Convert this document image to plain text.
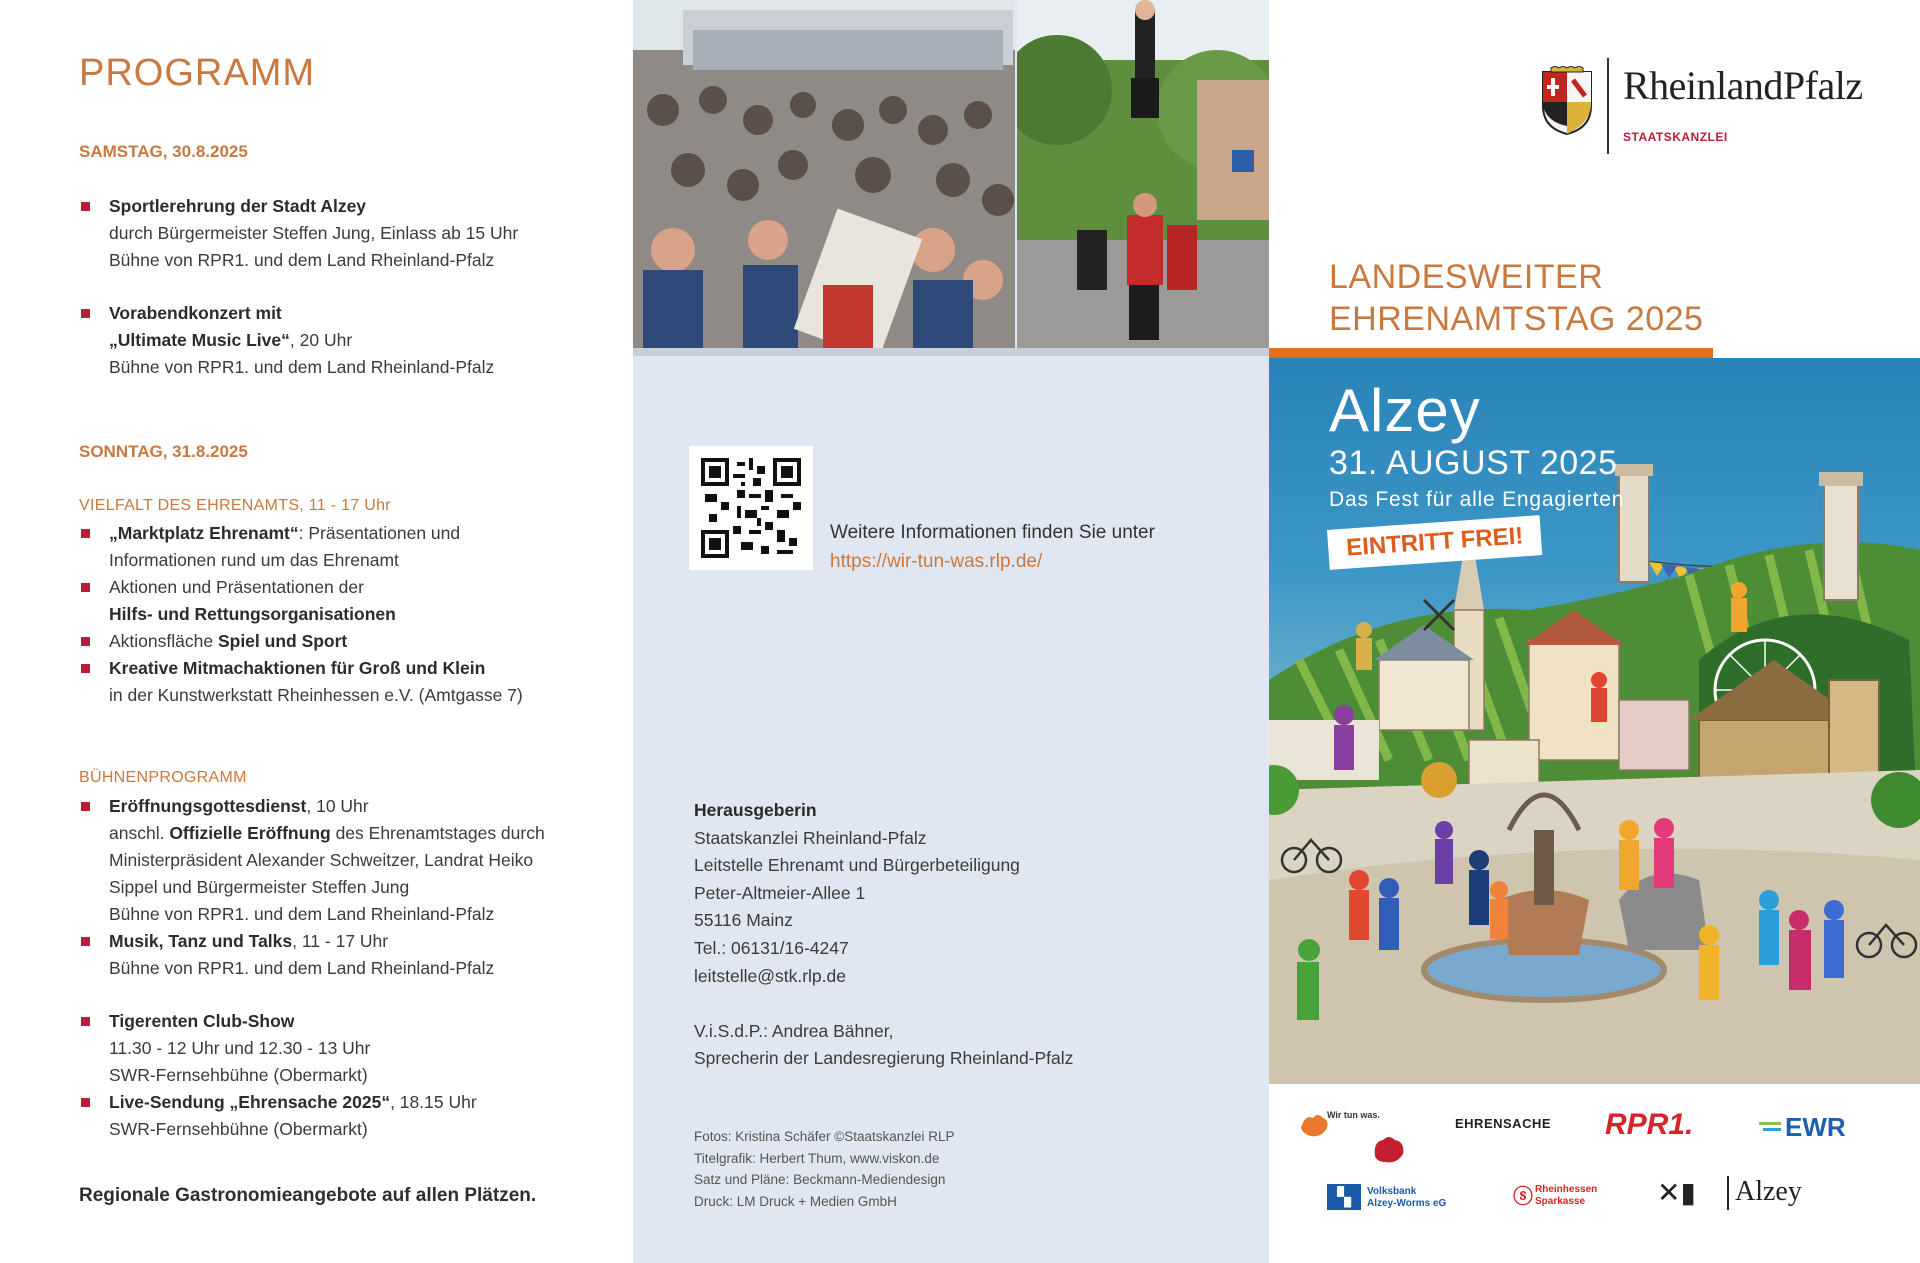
PROGRAMM
SAMSTAG, 30.8.2025
Sportlerehrung der Stadt Alzey
durch Bürgermeister Steffen Jung, Einlass ab 15 Uhr
Bühne von RPR1. und dem Land Rheinland-Pfalz
Vorabendkonzert mit
„Ultimate Music Live“, 20 Uhr
Bühne von RPR1. und dem Land Rheinland-Pfalz
SONNTAG, 31.8.2025
VIELFALT DES EHRENAMTS, 11 - 17 Uhr
„Marktplatz Ehrenamt“: Präsentationen und
Informationen rund um das Ehrenamt
Aktionen und Präsentationen der
Hilfs- und Rettungsorganisationen
Aktionsfläche Spiel und Sport
Kreative Mitmachaktionen für Groß und Klein
in der Kunstwerkstatt Rheinhessen e.V. (Amtgasse 7)
BÜHNENPROGRAMM
Eröffnungsgottesdienst, 10 Uhr
anschl. Offizielle Eröffnung des Ehrenamtstages durch
Ministerpräsident Alexander Schweitzer, Landrat Heiko
Sippel und Bürgermeister Steffen Jung
Bühne von RPR1. und dem Land Rheinland-Pfalz
Musik, Tanz und Talks, 11 - 17 Uhr
Bühne von RPR1. und dem Land Rheinland-Pfalz
Tigerenten Club-Show
11.30 - 12 Uhr und 12.30 - 13 Uhr
SWR-Fernsehbühne (Obermarkt)
Live-Sendung „Ehrensache 2025“, 18.15 Uhr
SWR-Fernsehbühne (Obermarkt)
Regionale Gastronomieangebote auf allen Plätzen.
Weitere Informationen finden Sie unter
https://wir-tun-was.rlp.de/
Herausgeberin
Staatskanzlei Rheinland-Pfalz
Leitstelle Ehrenamt und Bürgerbeteiligung
Peter-Altmeier-Allee 1
55116 Mainz
Tel.: 06131/16-4247
leitstelle@stk.rlp.de

V.i.S.d.P.: Andrea Bähner,
Sprecherin der Landesregierung Rheinland-Pfalz
Fotos: Kristina Schäfer ©Staatskanzlei RLP
Titelgrafik: Herbert Thum, www.viskon.de
Satz und Pläne: Beckmann-Mediendesign
Druck: LM Druck + Medien GmbH
RheinlandPfalz
STAATSKANZLEI
LANDESWEITER
EHRENAMTSTAG 2025
Alzey
31. AUGUST 2025
Das Fest für alle Engagierten
EINTRITT FREI!
Wir tun was.
EHRENSACHE RPR1.	EWR
▚	Volksbank Alzey-Worms eG	ⓢ Rheinhessen Sparkasse	✕▮ Alzey
